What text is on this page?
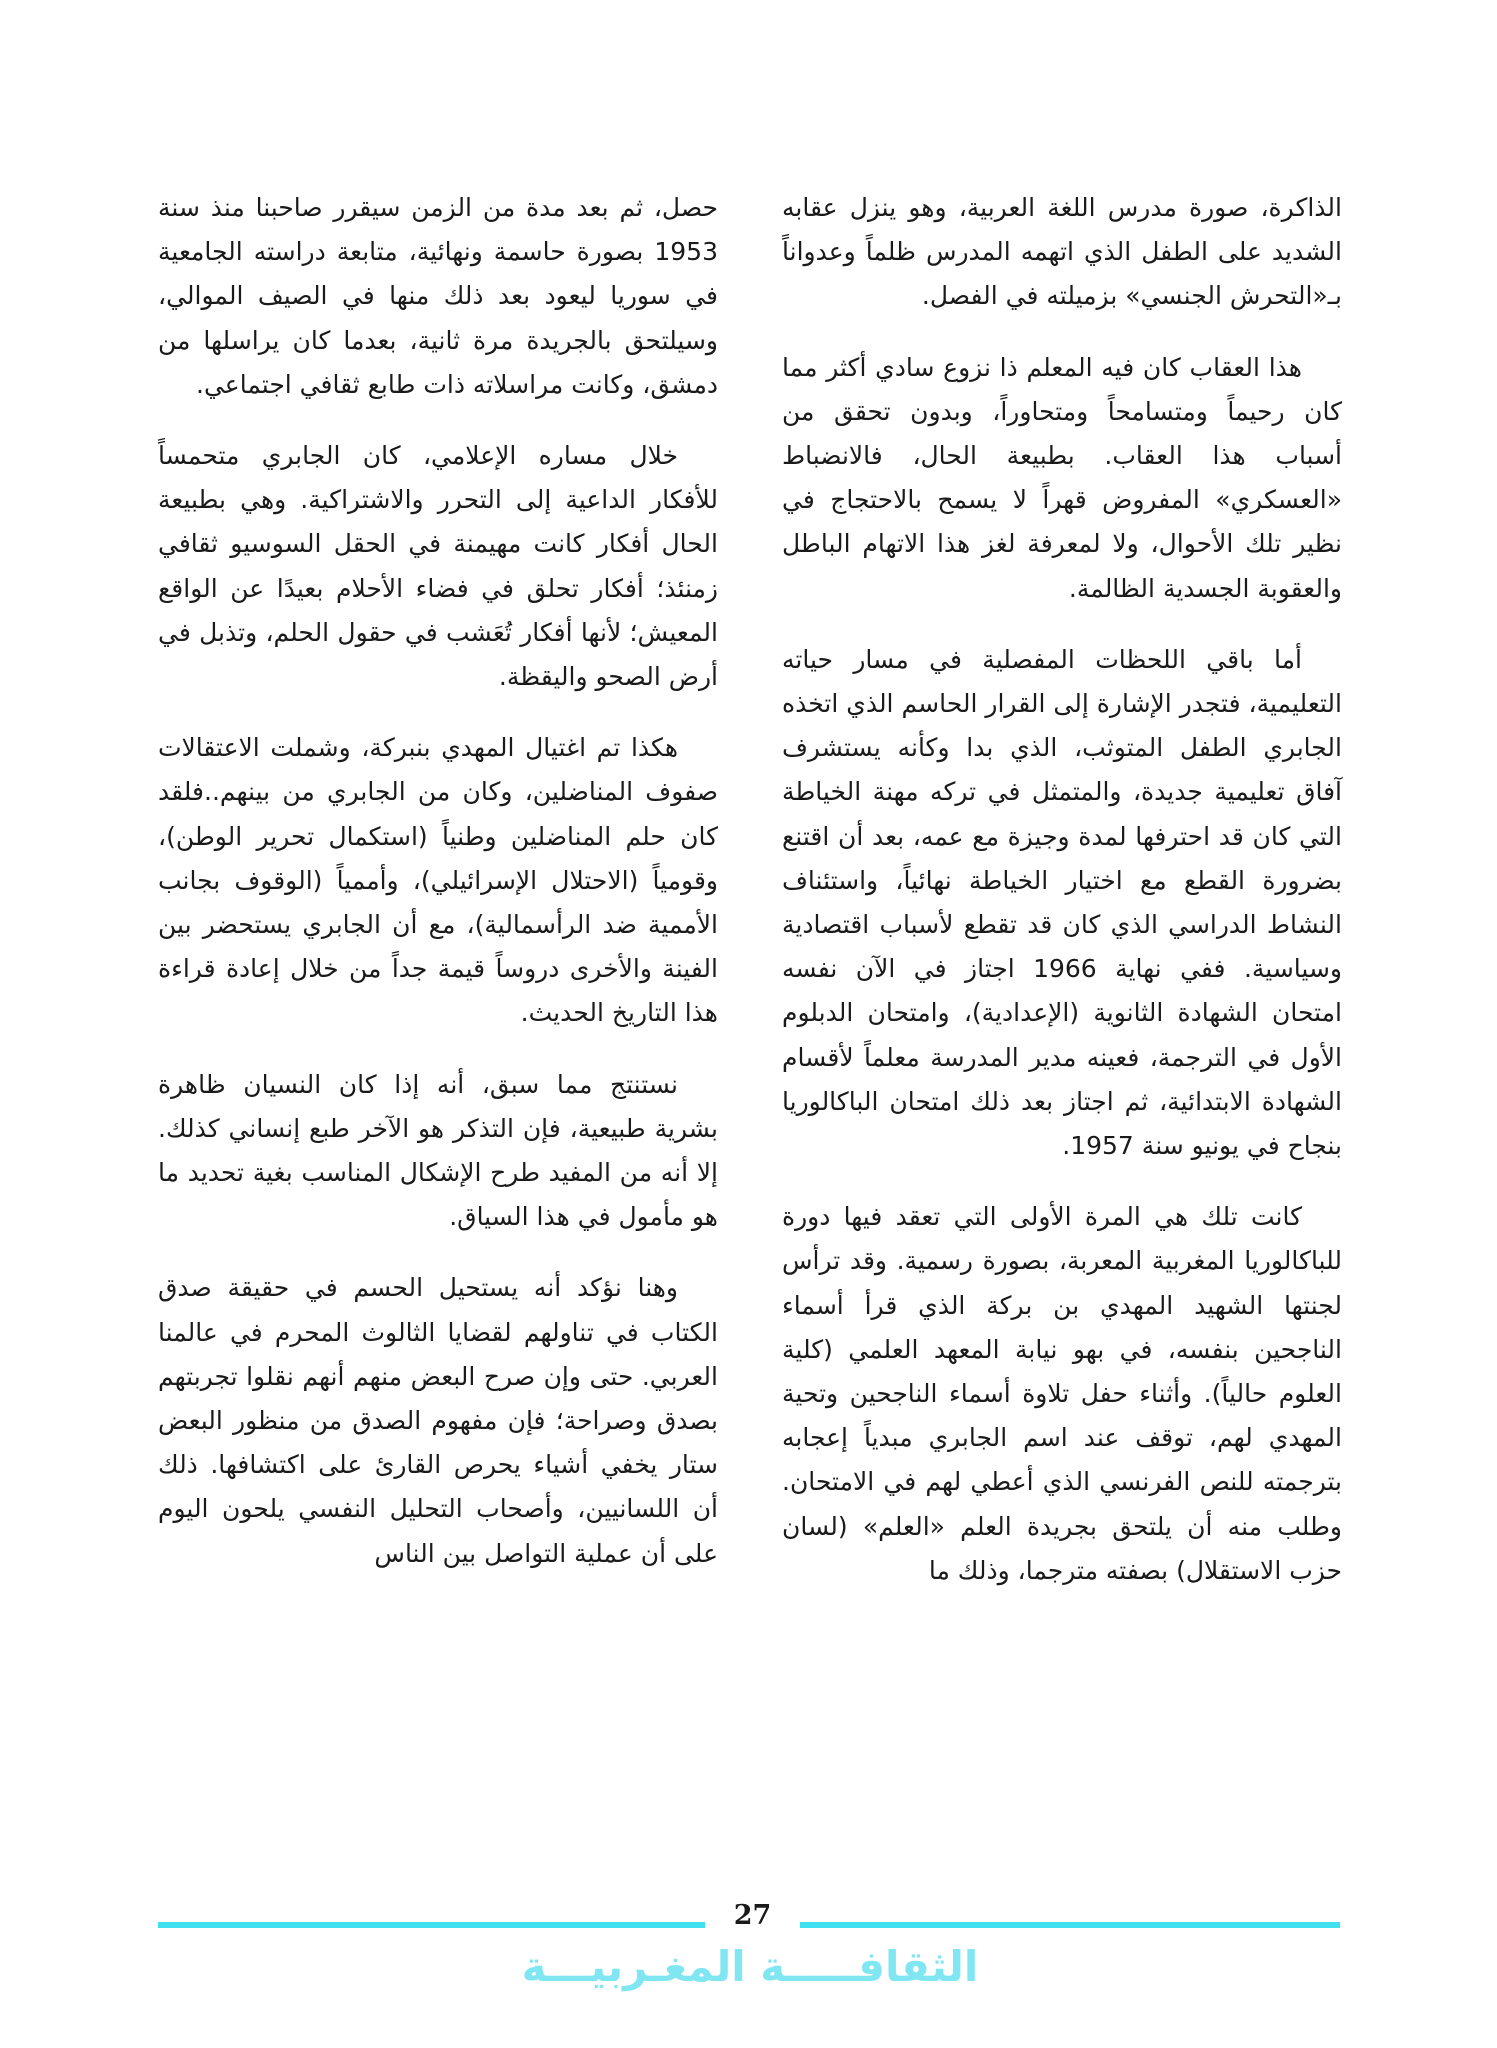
الذاكرة، صورة مدرس اللغة العربية، وهو ينزل عقابه الشديد على الطفل الذي اتهمه المدرس ظلماً وعدواناً بـ«التحرش الجنسي» بزميلته في الفصل.

هذا العقاب كان فيه المعلم ذا نزوع سادي أكثر مما كان رحيماً ومتسامحاً ومتحاوراً، وبدون تحقق من أسباب هذا العقاب. بطبيعة الحال، فالانضباط «العسكري» المفروض قهراً لا يسمح بالاحتجاج في نظير تلك الأحوال، ولا لمعرفة لغز هذا الاتهام الباطل والعقوبة الجسدية الظالمة.

أما باقي اللحظات المفصلية في مسار حياته التعليمية، فتجدر الإشارة إلى القرار الحاسم الذي اتخذه الجابري الطفل المتوثب، الذي بدا وكأنه يستشرف آفاق تعليمية جديدة، والمتمثل في تركه مهنة الخياطة التي كان قد احترفها لمدة وجيزة مع عمه، بعد أن اقتنع بضرورة القطع مع اختيار الخياطة نهائياً، واستئناف النشاط الدراسي الذي كان قد تقطع لأسباب اقتصادية وسياسية. ففي نهاية 1966 اجتاز في الآن نفسه امتحان الشهادة الثانوية (الإعدادية)، وامتحان الدبلوم الأول في الترجمة، فعينه مدير المدرسة معلماً لأقسام الشهادة الابتدائية، ثم اجتاز بعد ذلك امتحان الباكالوريا بنجاح في يونيو سنة 1957.

كانت تلك هي المرة الأولى التي تعقد فيها دورة للباكالوريا المغربية المعربة، بصورة رسمية. وقد ترأس لجنتها الشهيد المهدي بن بركة الذي قرأ أسماء الناجحين بنفسه، في بهو نيابة المعهد العلمي (كلية العلوم حالياً). وأثناء حفل تلاوة أسماء الناجحين وتحية المهدي لهم، توقف عند اسم الجابري مبدياً إعجابه بترجمته للنص الفرنسي الذي أعطي لهم في الامتحان. وطلب منه أن يلتحق بجريدة العلم «العلم» (لسان حزب الاستقلال) بصفته مترجما، وذلك ما

حصل، ثم بعد مدة من الزمن سيقرر صاحبنا منذ سنة 1953 بصورة حاسمة ونهائية، متابعة دراسته الجامعية في سوريا ليعود بعد ذلك منها في الصيف الموالي، وسيلتحق بالجريدة مرة ثانية، بعدما كان يراسلها من دمشق، وكانت مراسلاته ذات طابع ثقافي اجتماعي.

خلال مساره الإعلامي، كان الجابري متحمساً للأفكار الداعية إلى التحرر والاشتراكية. وهي بطبيعة الحال أفكار كانت مهيمنة في الحقل السوسيو ثقافي زمنئذ؛ أفكار تحلق في فضاء الأحلام بعيدًا عن الواقع المعيش؛ لأنها أفكار تُعَشب في حقول الحلم، وتذبل في أرض الصحو واليقظة.

هكذا تم اغتيال المهدي بنبركة، وشملت الاعتقالات صفوف المناضلين، وكان من الجابري من بينهم..فلقد كان حلم المناضلين وطنياً (استكمال تحرير الوطن)، وقومياً (الاحتلال الإسرائيلي)، وأممياً (الوقوف بجانب الأممية ضد الرأسمالية)، مع أن الجابري يستحضر بين الفينة والأخرى دروساً قيمة جداً من خلال إعادة قراءة هذا التاريخ الحديث.

نستنتج مما سبق، أنه إذا كان النسيان ظاهرة بشرية طبيعية، فإن التذكر هو الآخر طبع إنساني كذلك. إلا أنه من المفيد طرح الإشكال المناسب بغية تحديد ما هو مأمول في هذا السياق.

وهنا نؤكد أنه يستحيل الحسم في حقيقة صدق الكتاب في تناولهم لقضايا الثالوث المحرم في عالمنا العربي. حتى وإن صرح البعض منهم أنهم نقلوا تجربتهم بصدق وصراحة؛ فإن مفهوم الصدق من منظور البعض ستار يخفي أشياء يحرص القارئ على اكتشافها. ذلك أن اللسانيين، وأصحاب التحليل النفسي يلحون اليوم على أن عملية التواصل بين الناس

27
الثقافـــــة المغـربيـــة
